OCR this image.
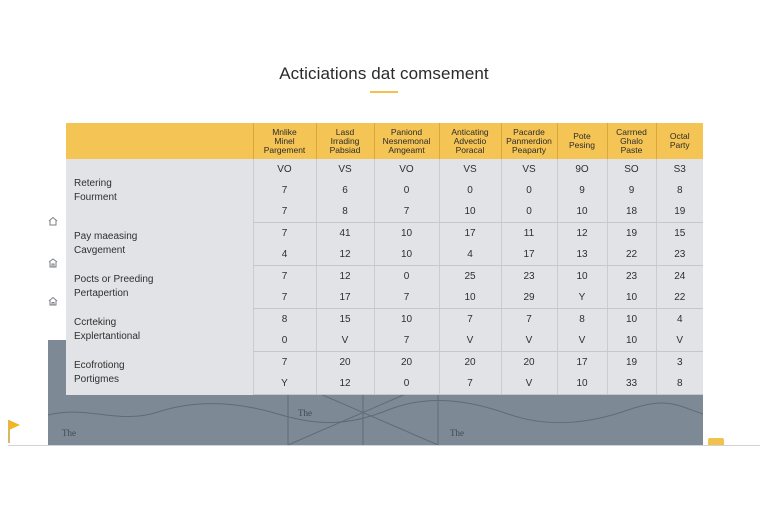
Acticiations dat comsement
The
The
The
	Mnlike
Minel
Pargement	Lasd
Irrading
Pabsiad	Paniond
Nesnemonal
Amgeamt	Anticating
Advectio
Poracal	Pacarde
Panmerdion
Peaparty	Pote
Pesing	Carrned
Ghalo
Paste	Octal
Party
Retering
Fourment	VO	VS	VO	VS	VS	9O	SO	S3
	7	6	0	0	0	9	9	8
	7	8	7	10	0	10	18	19
Pay maeasing
Cavgement	7	41	10	17	11	12	19	15
	4	12	10	4	17	13	22	23
Pocts or Preeding
Pertapertion	7	12	0	25	23	10	23	24
	7	17	7	10	29	Y	10	22
Ccrteking
Explertantional	8	15	10	7	7	8	10	4
	0	V	7	V	V	V	10	V
Ecofrotiong
Portigmes	7	20	20	20	20	17	19	3
	Y	12	0	7	V	10	33	8
